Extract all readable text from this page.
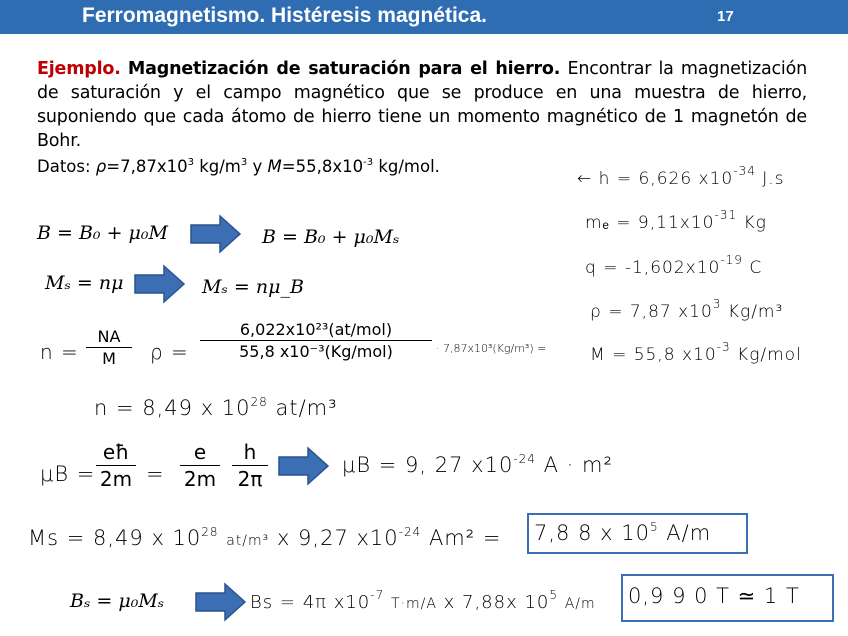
Ferromagnetismo. Histéresis magnética.	17
Ejemplo. Magnetización de saturación para el hierro. Encontrar la magnetización de saturación y el campo magnético que se produce en una muestra de hierro, suponiendo que cada átomo de hierro tiene un momento magnético de 1 magnetón de Bohr.
Datos: $\rho=7,87x10^3$ $kg/m^3$ y $M=55,8x10^{-3}$ kg/mol.
B = B₀ + μ₀M	B = B₀ + μ₀Mₛ
Mₛ = nμ	Mₛ = nμ_B
← h = 6,626 $x10^{-34}$ J.s
$m_e = 9,11x10^{-31}$ Kg
$q = -1,602x10^{-19}$ C
ρ = 7,87 $x10^3$ Kg/m³
M = 55,8 $x10^{-3}$ Kg/mol
n =
NA
M	ρ =
6,022x10²³(at/mol)
55,8 x10⁻³(Kg/mol)	· 7,87x10³(Kg/m³) =
n = 8,49 x $10^{28}$ at/m³
μB =
eħ
2m =
e
2m
h
2π
μB = 9, 27 $x10^{-24}$ A · m²
Ms = 8,49 x $10^{28}$ at/m³ x 9,27 $x10^{-24}$ Am² = 7,8 8 x $10^5$ A/m
Bₛ = μ₀Mₛ	Bs = 4π $x10^{-7}$ T·m/A x 7,88x $10^5$ A/m 0,9 9 0 T ≃ 1 T
